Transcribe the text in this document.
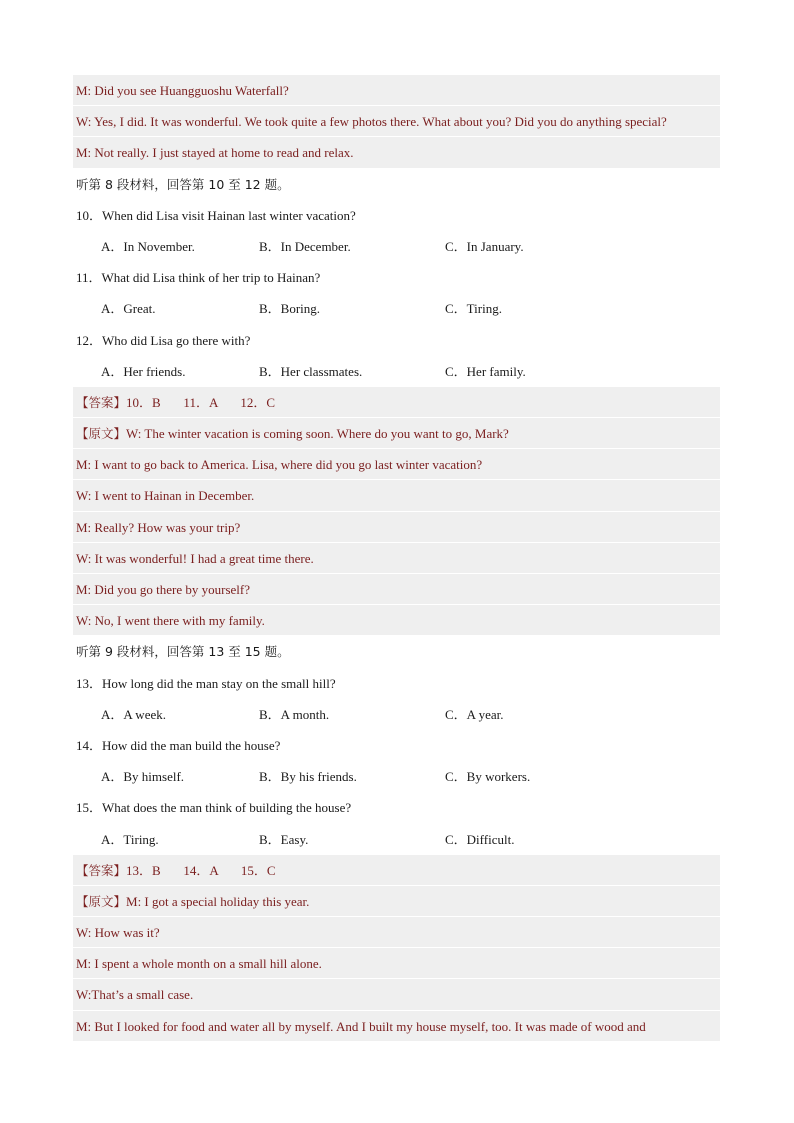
M: Did you see Huangguoshu Waterfall?
W: Yes, I did. It was wonderful. We took quite a few photos there. What about you? Did you do anything special?
M: Not really. I just stayed at home to read and relax.
听第 8 段材料，回答第 10 至 12 题。
10．When did Lisa visit Hainan last winter vacation?
A．In November.	B．In December.	C．In January.
11．What did Lisa think of her trip to Hainan?
A．Great.	B．Boring.	C．Tiring.
12．Who did Lisa go there with?
A．Her friends.	B．Her classmates.	C．Her family.
【答案】10．B       11．A       12．C
【原文】W: The winter vacation is coming soon. Where do you want to go, Mark?
M: I want to go back to America. Lisa, where did you go last winter vacation?
W: I went to Hainan in December.
M: Really? How was your trip?
W: It was wonderful! I had a great time there.
M: Did you go there by yourself?
W: No, I went there with my family.
听第 9 段材料，回答第 13 至 15 题。
13．How long did the man stay on the small hill?
A．A week.	B．A month.	C．A year.
14．How did the man build the house?
A．By himself.	B．By his friends.	C．By workers.
15．What does the man think of building the house?
A．Tiring.	B．Easy.	C．Difficult.
【答案】13．B       14．A       15．C
【原文】M: I got a special holiday this year.
W: How was it?
M: I spent a whole month on a small hill alone.
W:That’s a small case.
M: But I looked for food and water all by myself. And I built my house myself, too. It was made of wood and
